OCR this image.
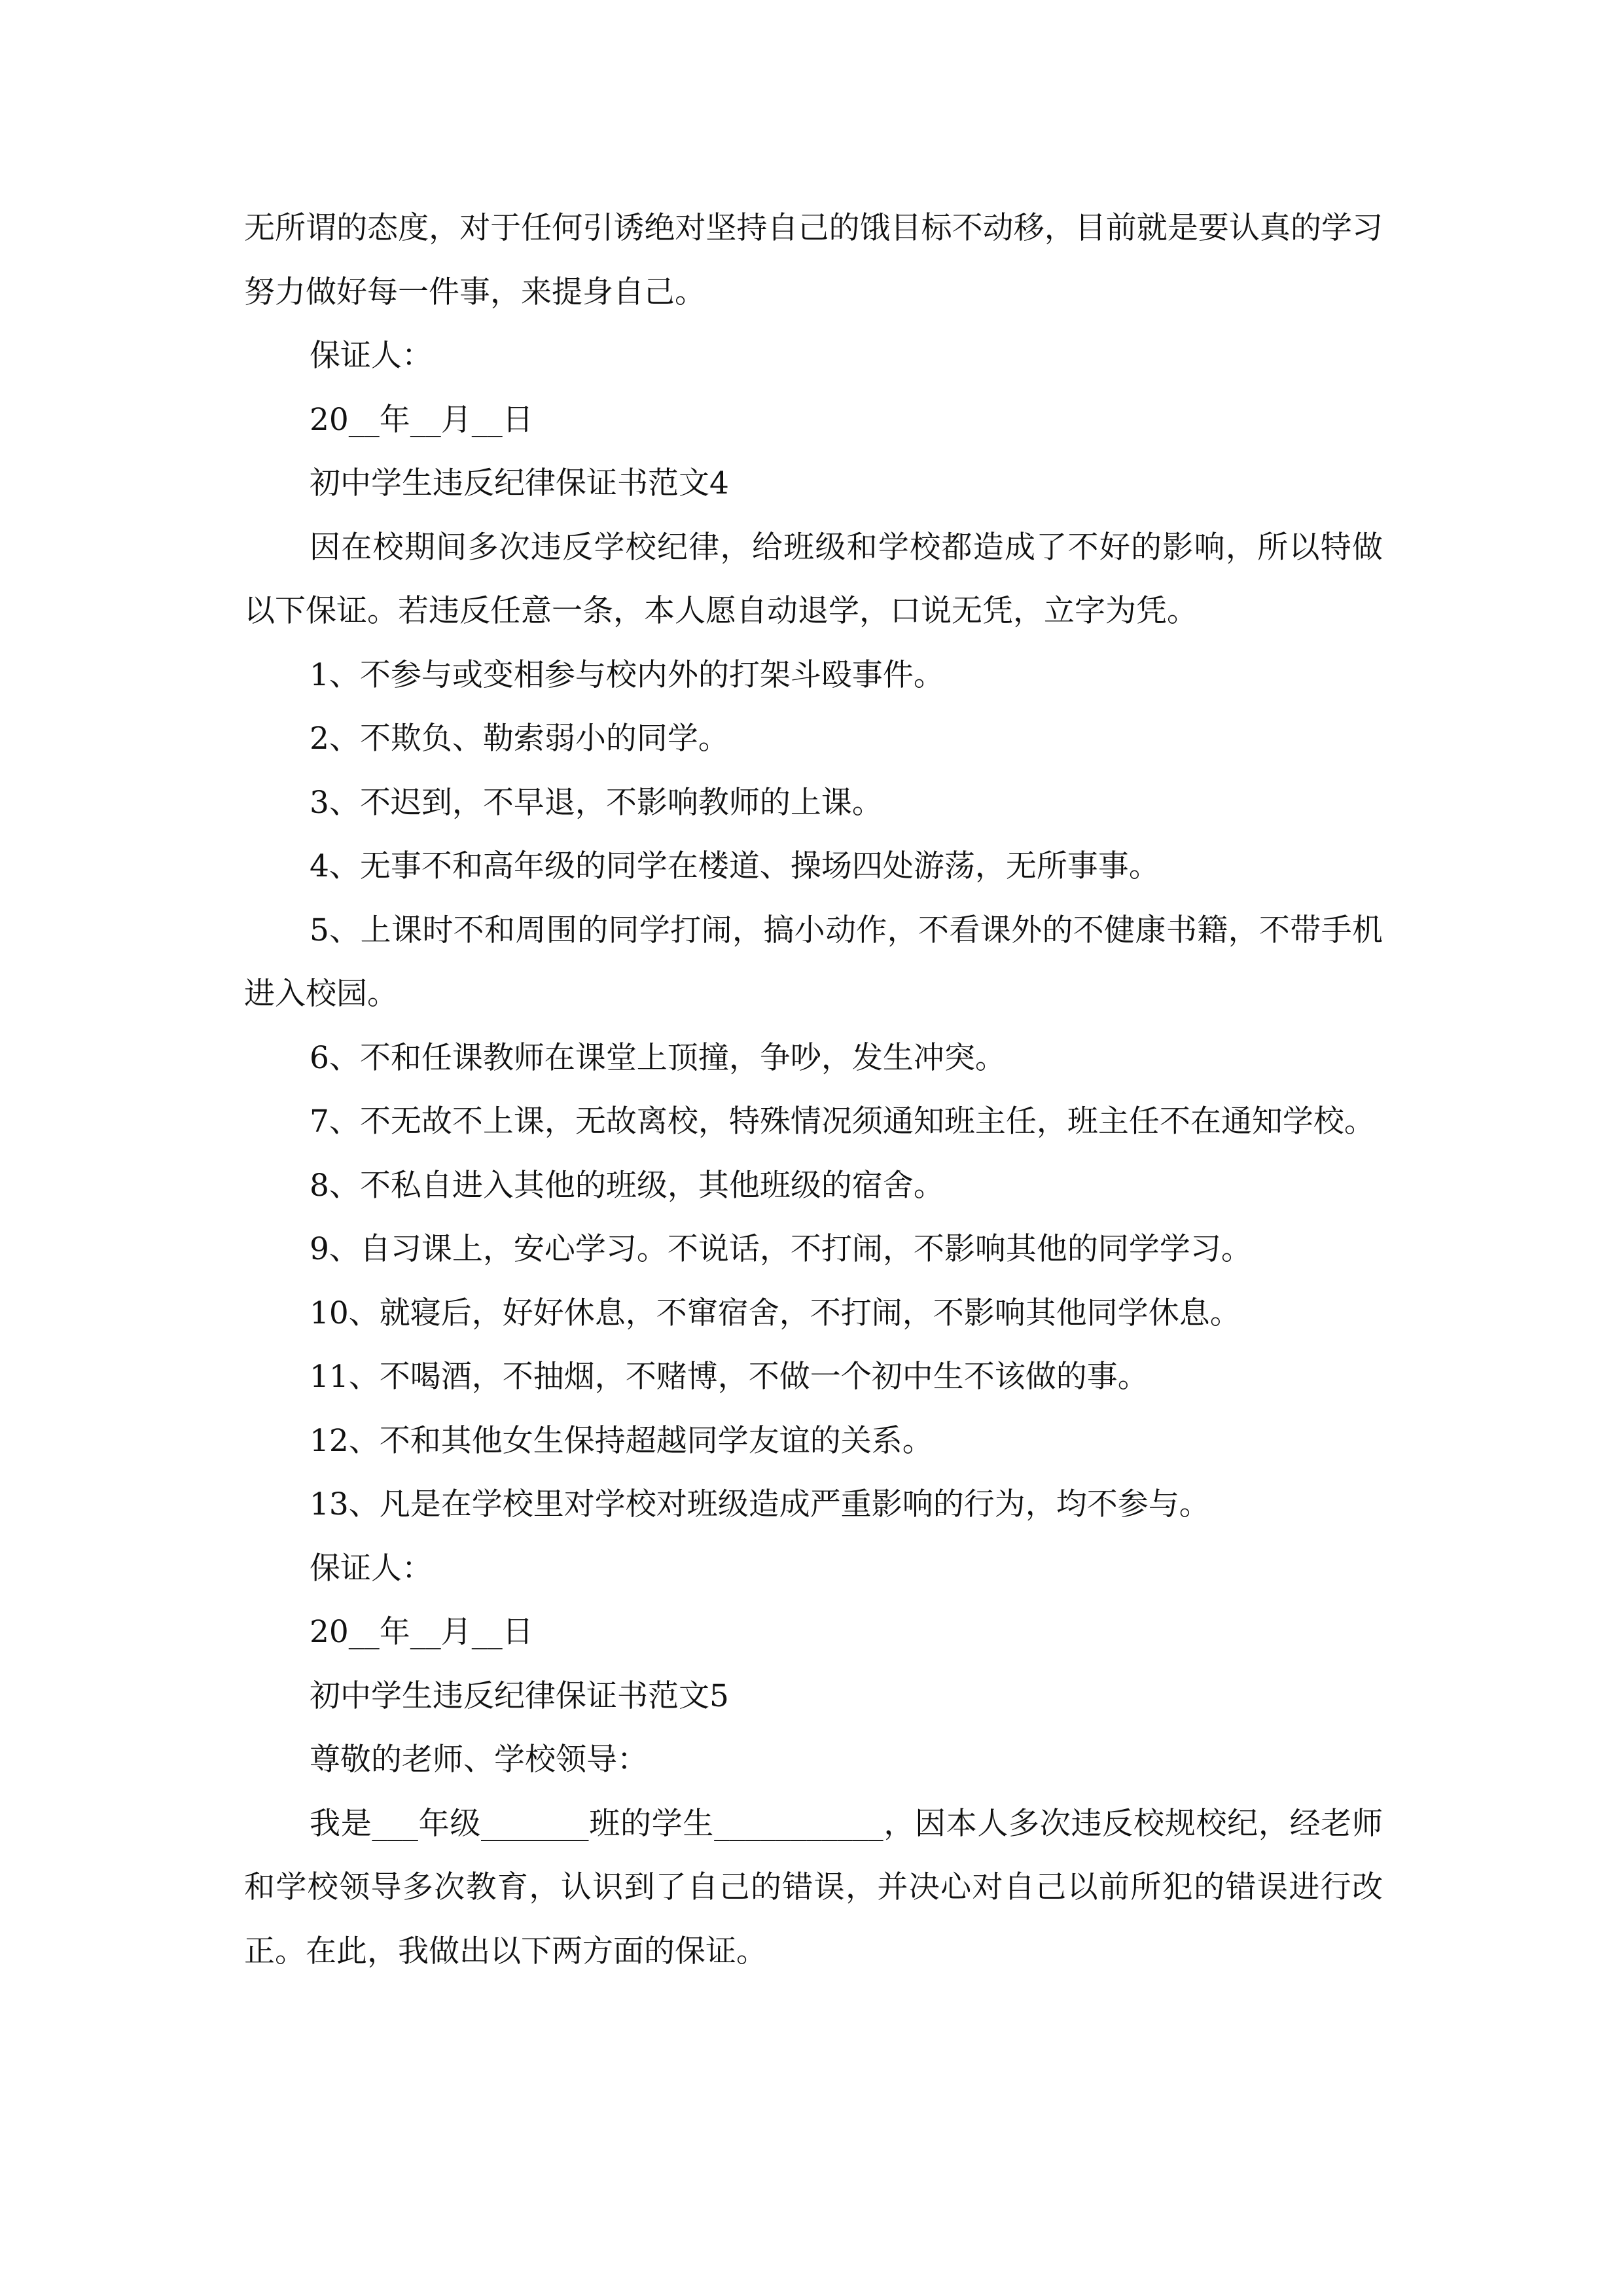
无所谓的态度，对于任何引诱绝对坚持自己的饿目标不动移，目前就是要认真的学习努力做好每一件事，来提身自己。

保证人：

20__年__月__日

初中学生违反纪律保证书范文4

因在校期间多次违反学校纪律，给班级和学校都造成了不好的影响，所以特做以下保证。若违反任意一条，本人愿自动退学，口说无凭，立字为凭。

1、不参与或变相参与校内外的打架斗殴事件。

2、不欺负、勒索弱小的同学。

3、不迟到，不早退，不影响教师的上课。

4、无事不和高年级的同学在楼道、操场四处游荡，无所事事。

5、上课时不和周围的同学打闹，搞小动作，不看课外的不健康书籍，不带手机进入校园。

6、不和任课教师在课堂上顶撞，争吵，发生冲突。

7、不无故不上课，无故离校，特殊情况须通知班主任，班主任不在通知学校。

8、不私自进入其他的班级，其他班级的宿舍。

9、自习课上，安心学习。不说话，不打闹，不影响其他的同学学习。

10、就寝后，好好休息，不窜宿舍，不打闹，不影响其他同学休息。

11、不喝酒，不抽烟，不赌博，不做一个初中生不该做的事。

12、不和其他女生保持超越同学友谊的关系。

13、凡是在学校里对学校对班级造成严重影响的行为，均不参与。

保证人：

20__年__月__日

初中学生违反纪律保证书范文5

尊敬的老师、学校领导：

我是___年级_______班的学生___________，因本人多次违反校规校纪，经老师和学校领导多次教育，认识到了自己的错误，并决心对自己以前所犯的错误进行改正。在此，我做出以下两方面的保证。
